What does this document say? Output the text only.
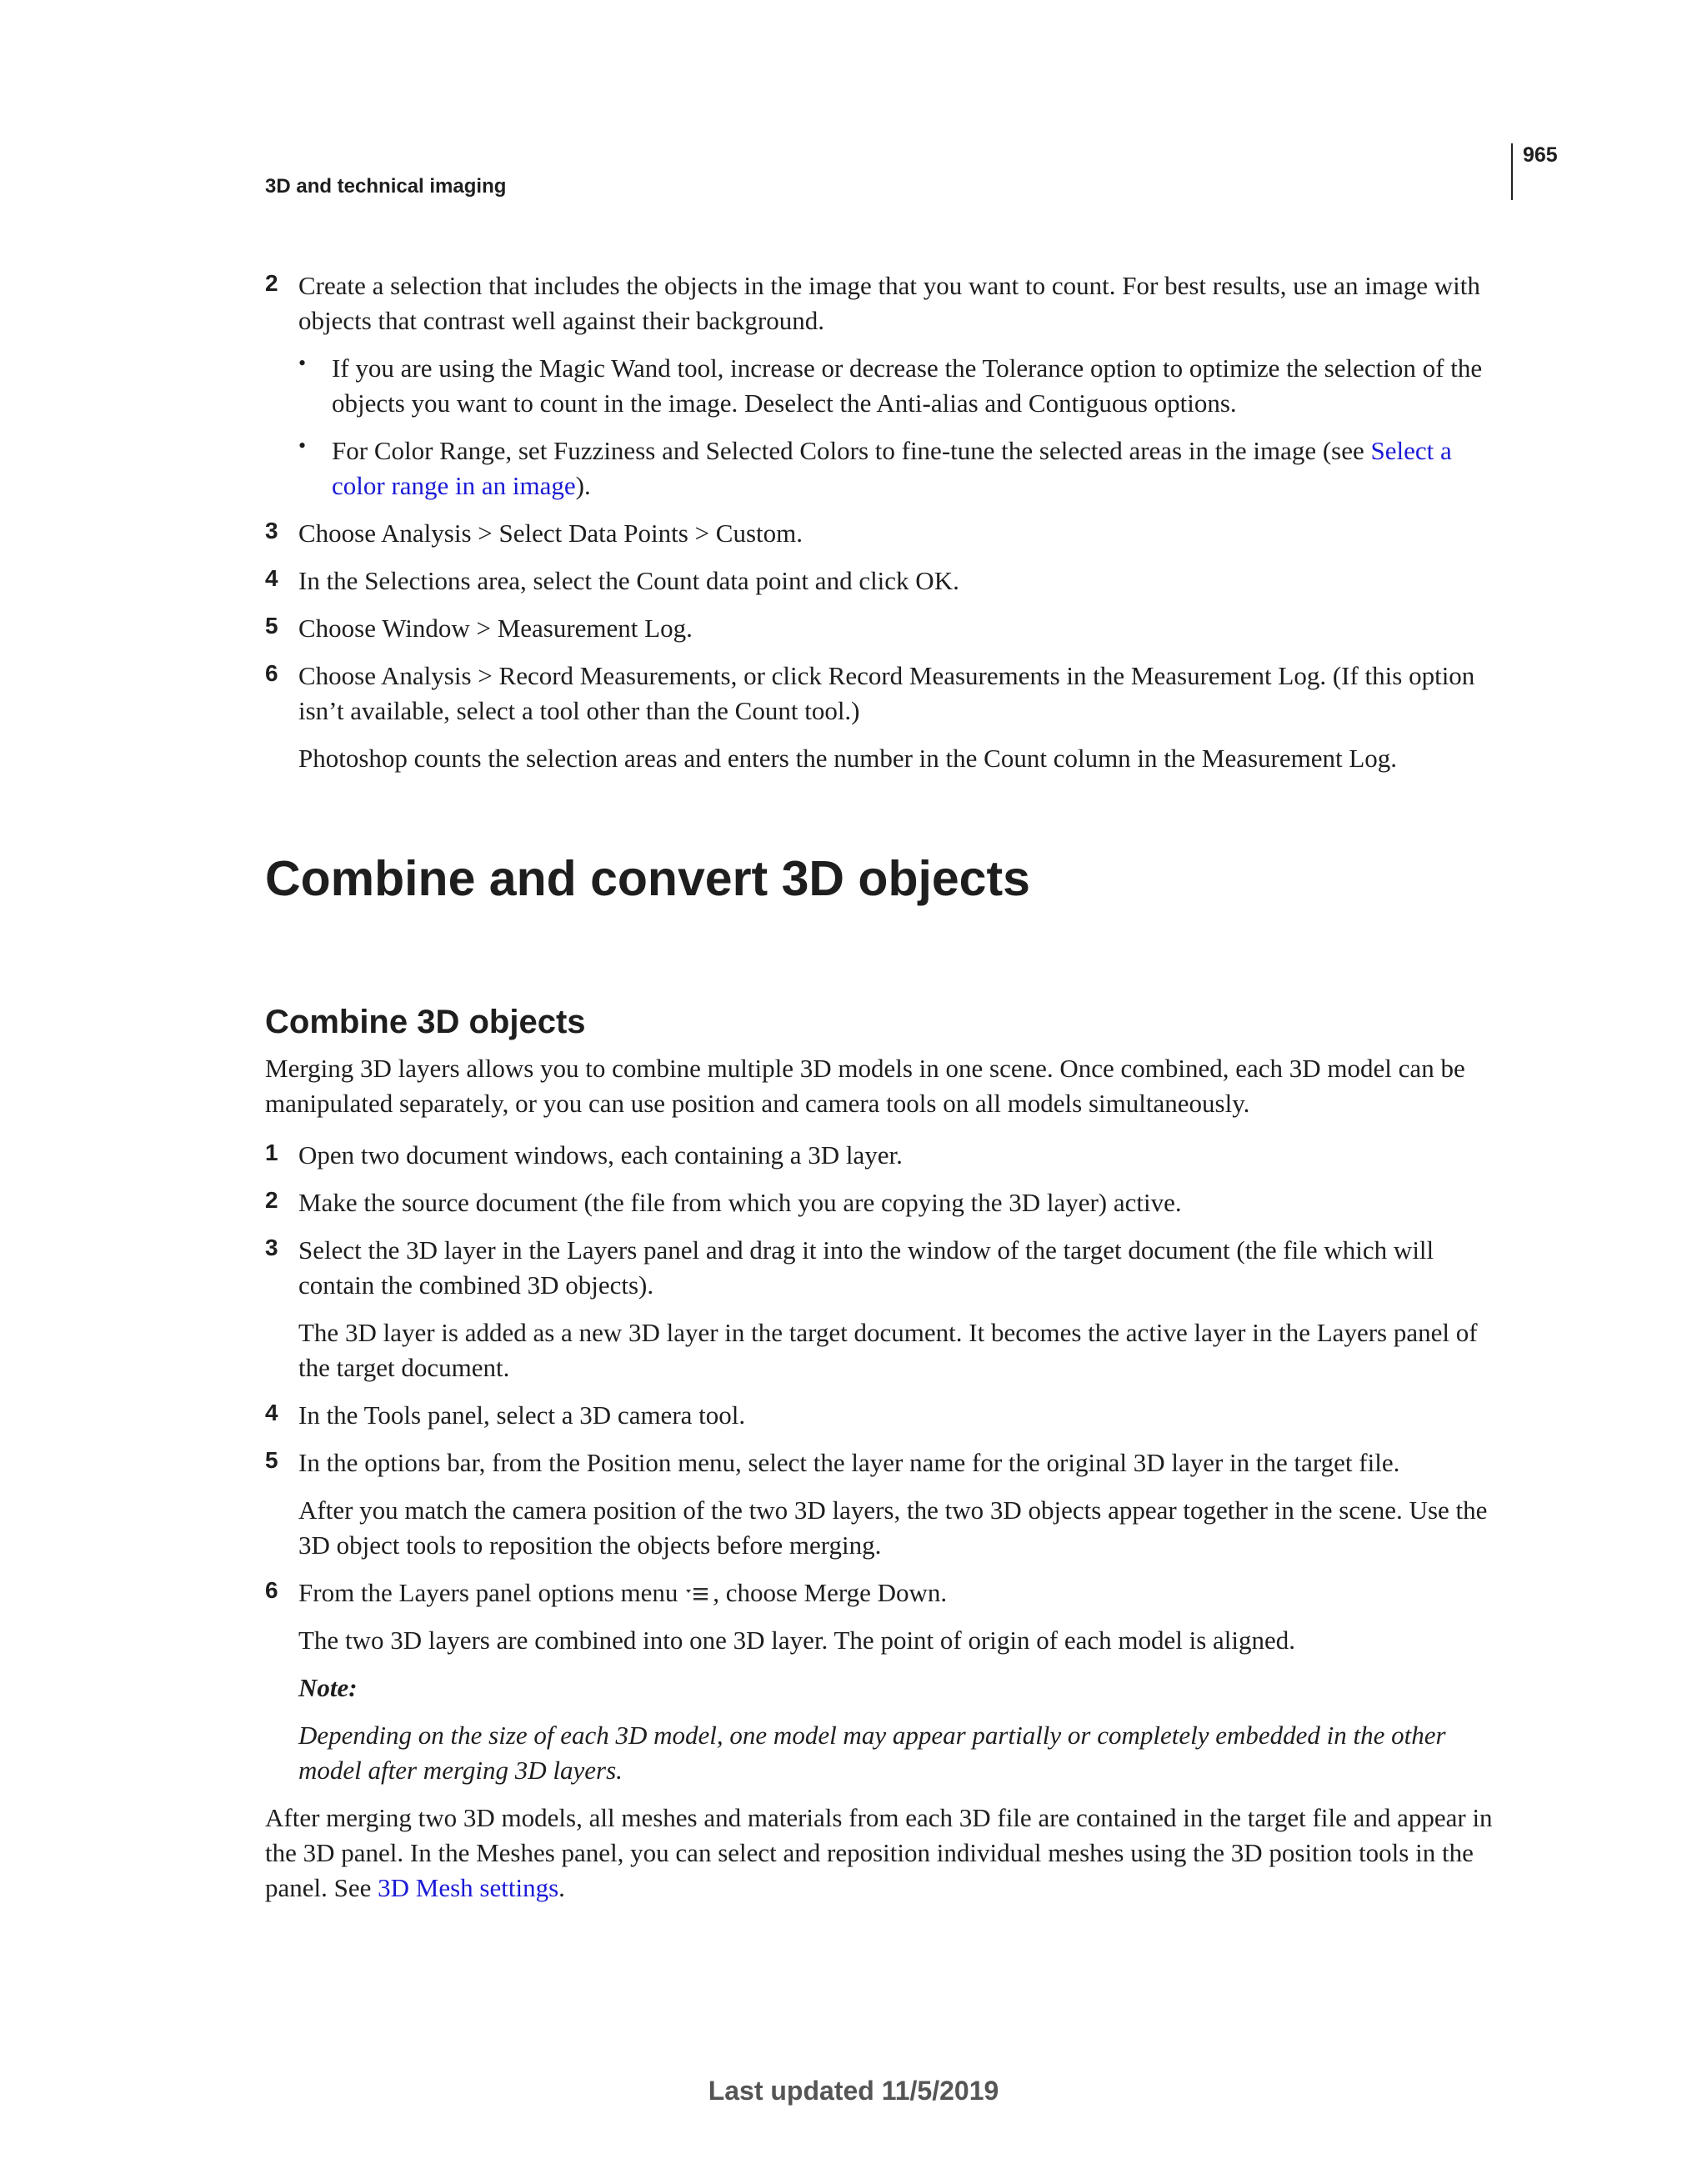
965
3D and technical imaging
2 Create a selection that includes the objects in the image that you want to count. For best results, use an image with objects that contrast well against their background.

• If you are using the Magic Wand tool, increase or decrease the Tolerance option to optimize the selection of the objects you want to count in the image. Deselect the Anti-alias and Contiguous options.

• For Color Range, set Fuzziness and Selected Colors to fine-tune the selected areas in the image (see Select a color range in an image).

3 Choose Analysis > Select Data Points > Custom.

4 In the Selections area, select the Count data point and click OK.

5 Choose Window > Measurement Log.

6 Choose Analysis > Record Measurements, or click Record Measurements in the Measurement Log. (If this option isn’t available, select a tool other than the Count tool.)

Photoshop counts the selection areas and enters the number in the Count column in the Measurement Log.

Combine and convert 3D objects
Combine 3D objects

Merging 3D layers allows you to combine multiple 3D models in one scene. Once combined, each 3D model can be manipulated separately, or you can use position and camera tools on all models simultaneously.

1 Open two document windows, each containing a 3D layer.

2 Make the source document (the file from which you are copying the 3D layer) active.

3 Select the 3D layer in the Layers panel and drag it into the window of the target document (the file which will contain the combined 3D objects).

The 3D layer is added as a new 3D layer in the target document. It becomes the active layer in the Layers panel of the target document.

4 In the Tools panel, select a 3D camera tool.

5 In the options bar, from the Position menu, select the layer name for the original 3D layer in the target file.

After you match the camera position of the two 3D layers, the two 3D objects appear together in the scene. Use the 3D object tools to reposition the objects before merging.

6 From the Layers panel options menu , choose Merge Down.

The two 3D layers are combined into one 3D layer. The point of origin of each model is aligned.

Note:

Depending on the size of each 3D model, one model may appear partially or completely embedded in the other model after merging 3D layers.

After merging two 3D models, all meshes and materials from each 3D file are contained in the target file and appear in the 3D panel. In the Meshes panel, you can select and reposition individual meshes using the 3D position tools in the panel. See 3D Mesh settings.

Last updated 11/5/2019
